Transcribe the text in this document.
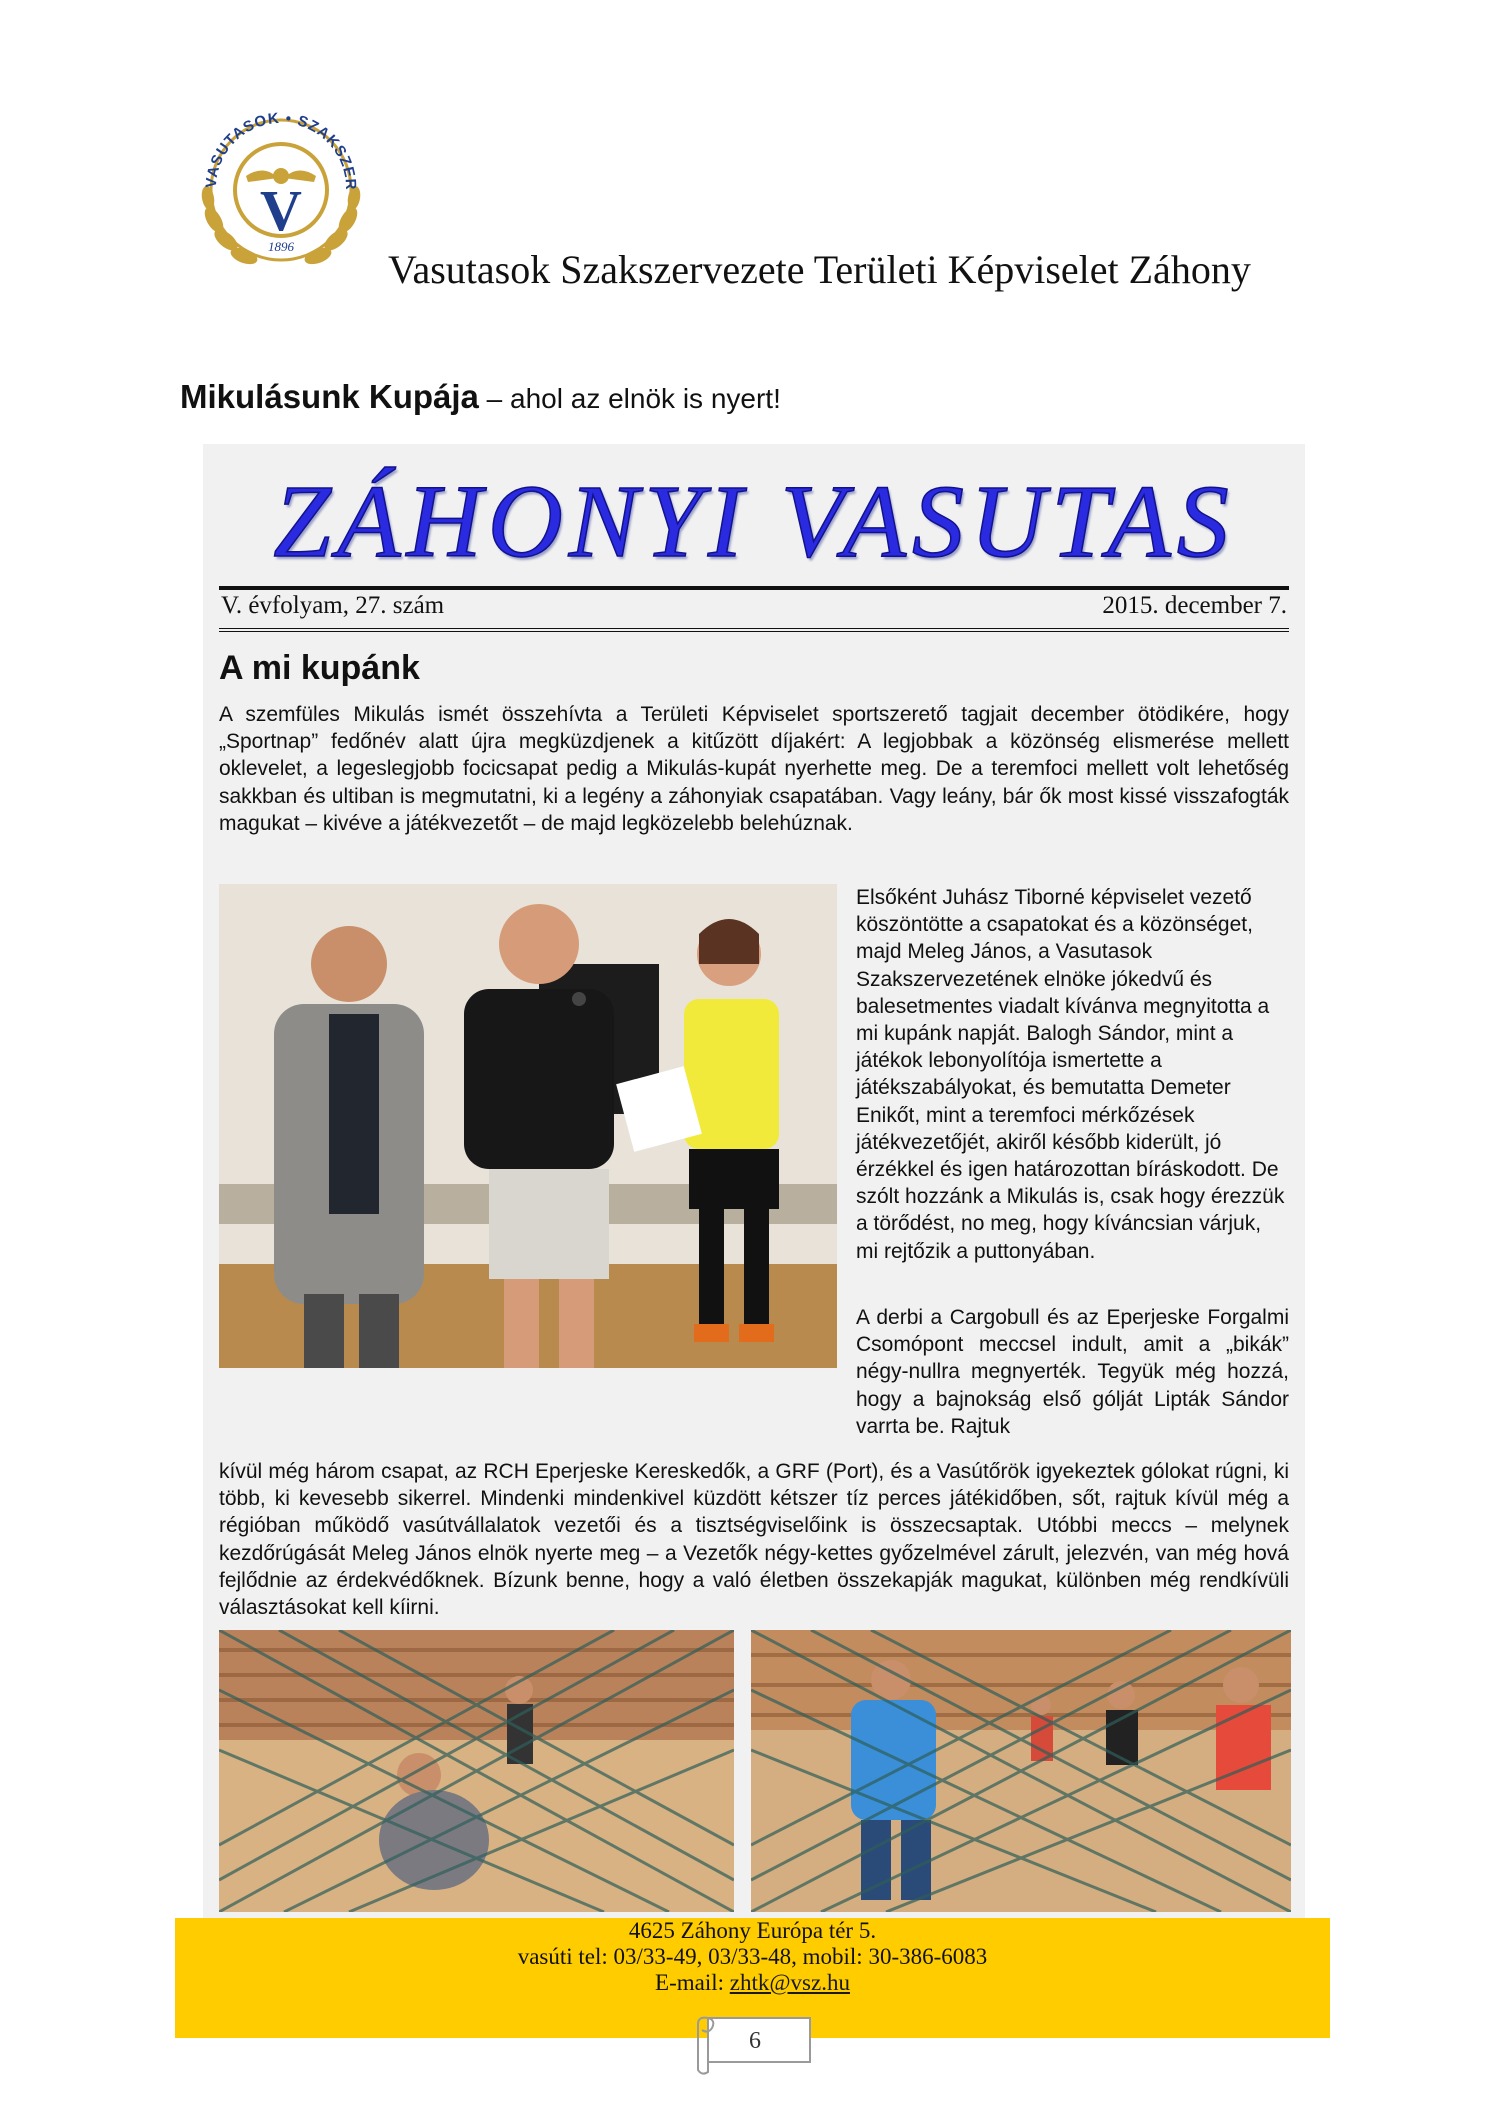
VASUTASOK • SZAKSZER
V
1896
Vasutasok Szakszervezete Területi Képviselet Záhony
Mikulásunk Kupája – ahol az elnök is nyert!
ZÁHONYI VASUTAS
V. évfolyam, 27. szám	2015. december 7.
A mi kupánk

A szemfüles Mikulás ismét összehívta a Területi Képviselet sportszerető tagjait december ötödikére, hogy „Sportnap” fedőnév alatt újra megküzdjenek a kitűzött díjakért: A legjobbak a közönség elismerése mellett oklevelet, a legeslegjobb focicsapat pedig a Mikulás-kupát nyerhette meg. De a teremfoci mellett volt lehetőség sakkban és ultiban is megmutatni, ki a legény a záhonyiak csapatában. Vagy leány, bár ők most kissé visszafogták magukat – kivéve a játékvezetőt – de majd legközelebb belehúznak.

Elsőként Juhász Tiborné képviselet vezető köszöntötte a csapatokat és a közönséget, majd Meleg János, a Vasutasok Szakszervezetének elnöke jókedvű és balesetmentes viadalt kívánva megnyitotta a mi kupánk napját. Balogh Sándor, mint a játékok lebonyolítója ismertette a játékszabályokat, és bemutatta Demeter Enikőt, mint a teremfoci mérkőzések játékvezetőjét, akiről később kiderült, jó érzékkel és igen határozottan bíráskodott. De szólt hozzánk a Mikulás is, csak hogy érezzük a törődést, no meg, hogy kíváncsian várjuk, mi rejtőzik a puttonyában.

A derbi a Cargobull és az Eperjeske Forgalmi Csomópont meccsel indult, amit a „bikák” négy-nullra megnyerték. Tegyük még hozzá, hogy a bajnokság első gólját Lipták Sándor varrta be. Rajtuk

kívül még három csapat, az RCH Eperjeske Kereskedők, a GRF (Port), és a Vasútőrök igyekeztek gólokat rúgni, ki több, ki kevesebb sikerrel. Mindenki mindenkivel küzdött kétszer tíz perces játékidőben, sőt, rajtuk kívül még a régióban működő vasútvállalatok vezetői és a tisztségviselőink is összecsaptak. Utóbbi meccs – melynek kezdőrúgását Meleg János elnök nyerte meg – a Vezetők négy-kettes győzelmével zárult, jelezvén, van még hová fejlődnie az érdekvédőknek. Bízunk benne, hogy a való életben összekapják magukat, különben még rendkívüli választásokat kell kíirni.

4625 Záhony Európa tér 5.
vasúti tel: 03/33-49, 03/33-48, mobil: 30-386-6083
E-mail: zhtk@vsz.hu
6
